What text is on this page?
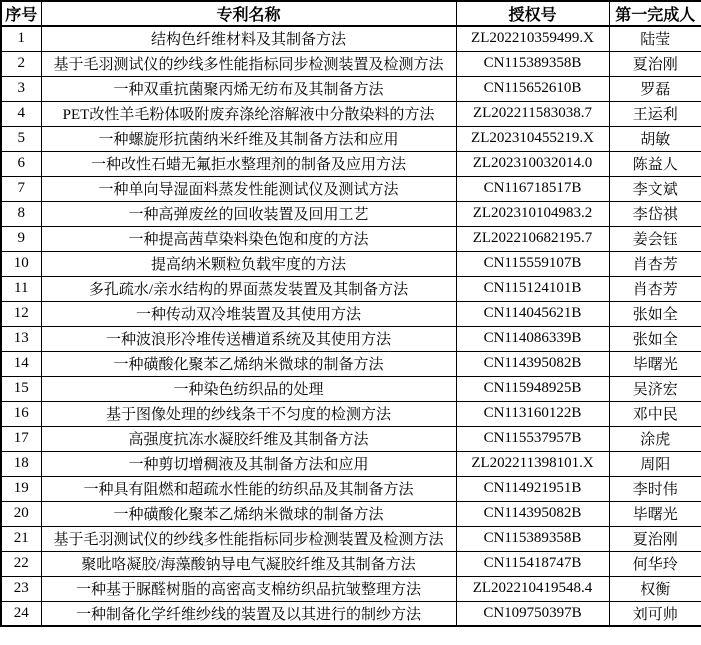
序号	专利名称	授权号	第一完成人
1	结构色纤维材料及其制备方法	ZL202210359499.X	陆莹
2	基于毛羽测试仪的纱线多性能指标同步检测装置及检测方法	CN115389358B	夏治刚
3	一种双重抗菌聚丙烯无纺布及其制备方法	CN115652610B	罗磊
4	PET改性羊毛粉体吸附废弃涤纶溶解液中分散染料的方法	ZL202211583038.7	王运利
5	一种螺旋形抗菌纳米纤维及其制备方法和应用	ZL202310455219.X	胡敏
6	一种改性石蜡无氟拒水整理剂的制备及应用方法	ZL202310032014.0	陈益人
7	一种单向导湿面料蒸发性能测试仪及测试方法	CN116718517B	李文斌
8	一种高弹废丝的回收装置及回用工艺	ZL202310104983.2	李岱祺
9	一种提高茜草染料染色饱和度的方法	ZL202210682195.7	姜会钰
10	提高纳米颗粒负载牢度的方法	CN115559107B	肖杏芳
11	多孔疏水/亲水结构的界面蒸发装置及其制备方法	CN115124101B	肖杏芳
12	一种传动双冷堆装置及其使用方法	CN114045621B	张如全
13	一种波浪形冷堆传送槽道系统及其使用方法	CN114086339B	张如全
14	一种磺酸化聚苯乙烯纳米微球的制备方法	CN114395082B	毕曙光
15	一种染色纺织品的处理	CN115948925B	吴济宏
16	基于图像处理的纱线条干不匀度的检测方法	CN113160122B	邓中民
17	高强度抗冻水凝胶纤维及其制备方法	CN115537957B	涂虎
18	一种剪切增稠液及其制备方法和应用	ZL202211398101.X	周阳
19	一种具有阻燃和超疏水性能的纺织品及其制备方法	CN114921951B	李时伟
20	一种磺酸化聚苯乙烯纳米微球的制备方法	CN114395082B	毕曙光
21	基于毛羽测试仪的纱线多性能指标同步检测装置及检测方法	CN115389358B	夏治刚
22	聚吡咯凝胶/海藻酸钠导电气凝胶纤维及其制备方法	CN115418747B	何华玲
23	一种基于脲醛树脂的高密高支棉纺织品抗皱整理方法	ZL202210419548.4	权衡
24	一种制备化学纤维纱线的装置及以其进行的制纱方法	CN109750397B	刘可帅
